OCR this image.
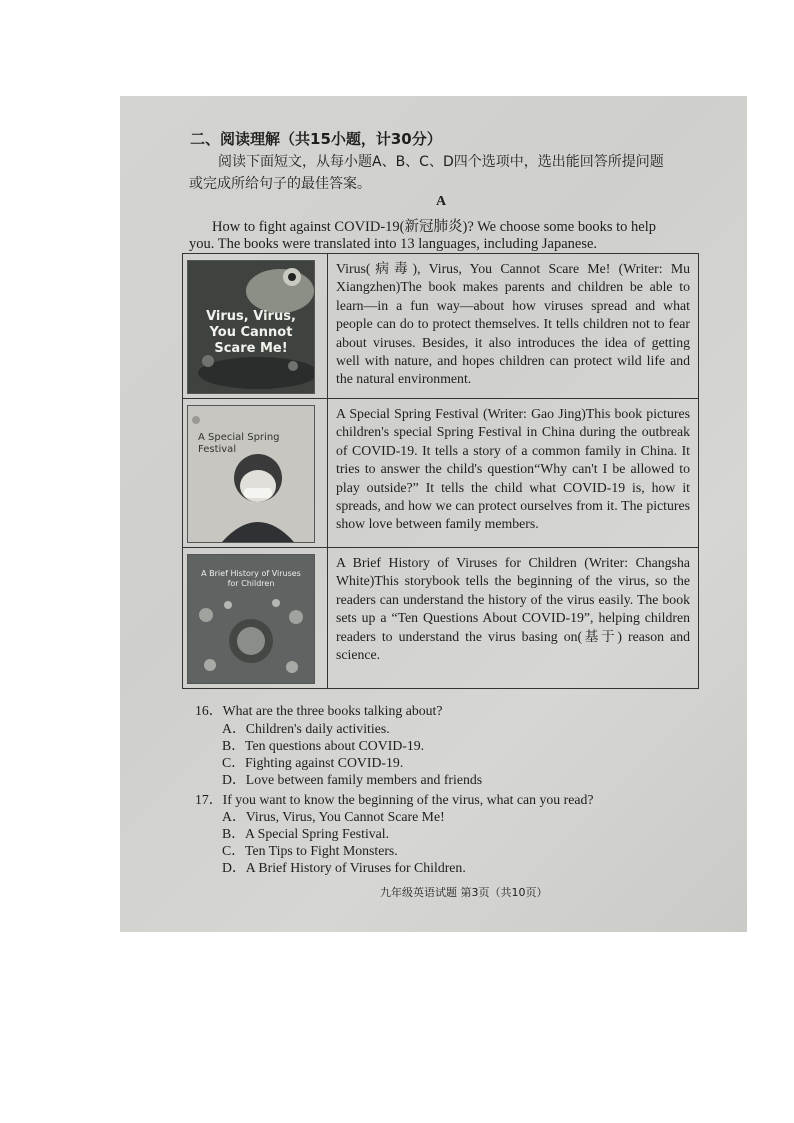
二、阅读理解（共15小题，计30分）
阅读下面短文，从每小题A、B、C、D四个选项中，选出能回答所提问题
或完成所给句子的最佳答案。
A
How to fight against COVID-19(新冠肺炎)? We choose some books to help
you. The books were translated into 13 languages, including Japanese.
Virus, Virus, You Cannot Scare Me!	Virus(病毒), Virus, You Cannot Scare Me! (Writer: Mu Xiangzhen)The book makes parents and children be able to learn—in a fun way—about how viruses spread and what people can do to protect themselves. It tells children not to fear about viruses. Besides, it also introduces the idea of getting well with nature, and hopes children can protect wild life and the natural environment.

A Special Spring Festival	A Special Spring Festival (Writer: Gao Jing)This book pictures children's special Spring Festival in China during the outbreak of COVID-19. It tells a story of a common family in China. It tries to answer the child's question“Why can't I be allowed to play outside?” It tells the child what COVID-19 is, how it spreads, and how we can protect ourselves from it. The pictures show love between family members.

A Brief History of Viruses for Children	A Brief History of Viruses for Children (Writer: Changsha White)This storybook tells the beginning of the virus, so the readers can understand the history of the virus easily. The book sets up a “Ten Questions About COVID-19”, helping children readers to understand the virus basing on(基于) reason and science.
16．What are the three books talking about?
A．Children's daily activities.
B．Ten questions about COVID-19.
C．Fighting against COVID-19.
D．Love between family members and friends
17．If you want to know the beginning of the virus, what can you read?
A．Virus, Virus, You Cannot Scare Me!
B．A Special Spring Festival.
C．Ten Tips to Fight Monsters.
D．A Brief History of Viruses for Children.
九年级英语试题 第3页（共10页）
